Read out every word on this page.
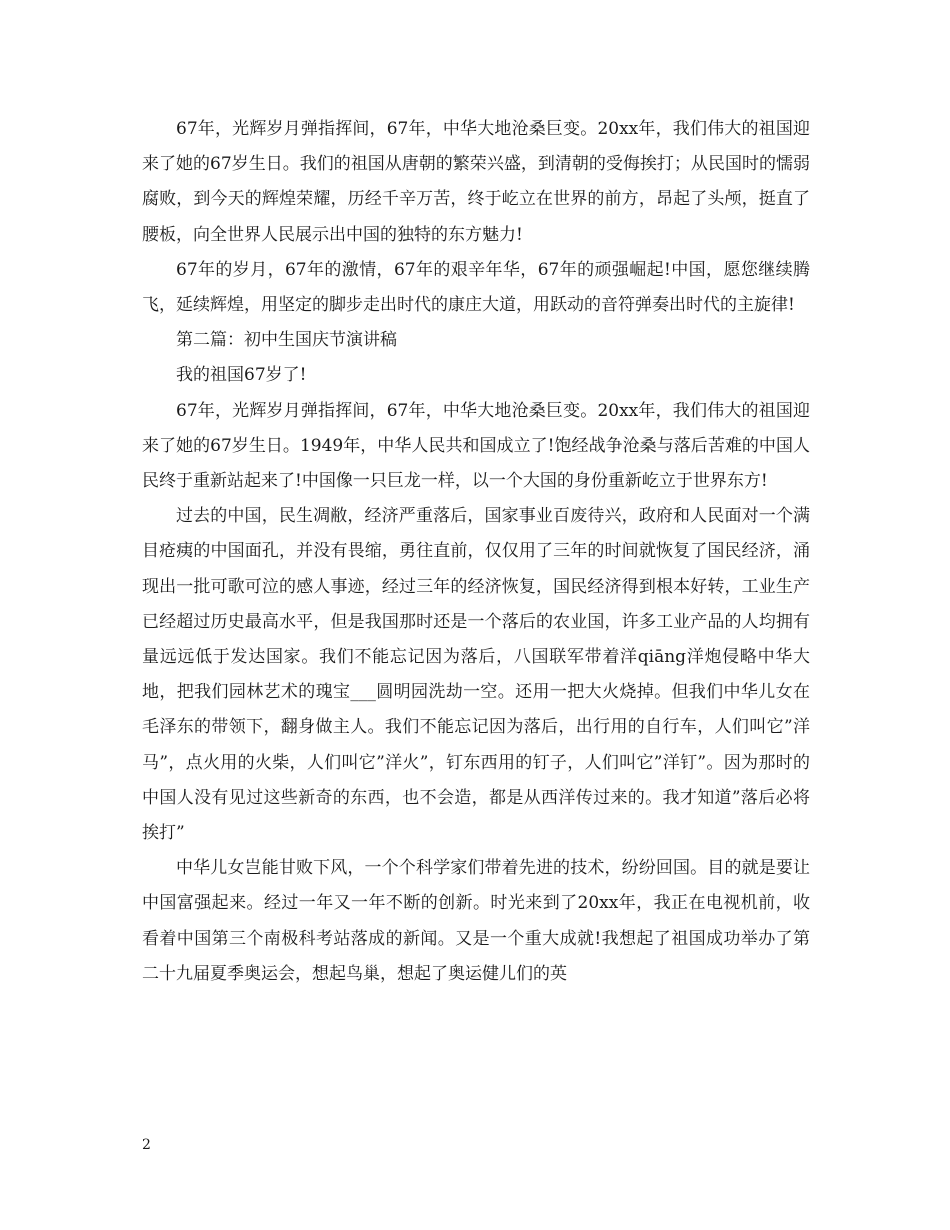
67年，光辉岁月弹指挥间，67年，中华大地沧桑巨变。20xx年，我们伟大的祖国迎来了她的67岁生日。我们的祖国从唐朝的繁荣兴盛，到清朝的受侮挨打；从民国时的懦弱腐败，到今天的辉煌荣耀，历经千辛万苦，终于屹立在世界的前方，昂起了头颅，挺直了腰板，向全世界人民展示出中国的独特的东方魅力!

67年的岁月，67年的激情，67年的艰辛年华，67年的顽强崛起!中国，愿您继续腾飞，延续辉煌，用坚定的脚步走出时代的康庄大道，用跃动的音符弹奏出时代的主旋律!

第二篇：初中生国庆节演讲稿

我的祖国67岁了!

67年，光辉岁月弹指挥间，67年，中华大地沧桑巨变。20xx年，我们伟大的祖国迎来了她的67岁生日。1949年，中华人民共和国成立了!饱经战争沧桑与落后苦难的中国人民终于重新站起来了!中国像一只巨龙一样，以一个大国的身份重新屹立于世界东方!

过去的中国，民生凋敝，经济严重落后，国家事业百废待兴，政府和人民面对一个满目疮痍的中国面孔，并没有畏缩，勇往直前，仅仅用了三年的时间就恢复了国民经济，涌现出一批可歌可泣的感人事迹，经过三年的经济恢复，国民经济得到根本好转，工业生产已经超过历史最高水平，但是我国那时还是一个落后的农业国，许多工业产品的人均拥有量远远低于发达国家。我们不能忘记因为落后，八国联军带着洋qiāng洋炮侵略中华大地，把我们园林艺术的瑰宝___圆明园洗劫一空。还用一把大火烧掉。但我们中华儿女在毛泽东的带领下，翻身做主人。我们不能忘记因为落后，出行用的自行车，人们叫它”洋马”，点火用的火柴，人们叫它”洋火”，钉东西用的钉子，人们叫它”洋钉”。因为那时的中国人没有见过这些新奇的东西，也不会造，都是从西洋传过来的。我才知道”落后必将挨打”

中华儿女岂能甘败下风，一个个科学家们带着先进的技术，纷纷回国。目的就是要让中国富强起来。经过一年又一年不断的创新。时光来到了20xx年，我正在电视机前，收看着中国第三个南极科考站落成的新闻。又是一个重大成就!我想起了祖国成功举办了第二十九届夏季奥运会，想起鸟巢，想起了奥运健儿们的英

2
